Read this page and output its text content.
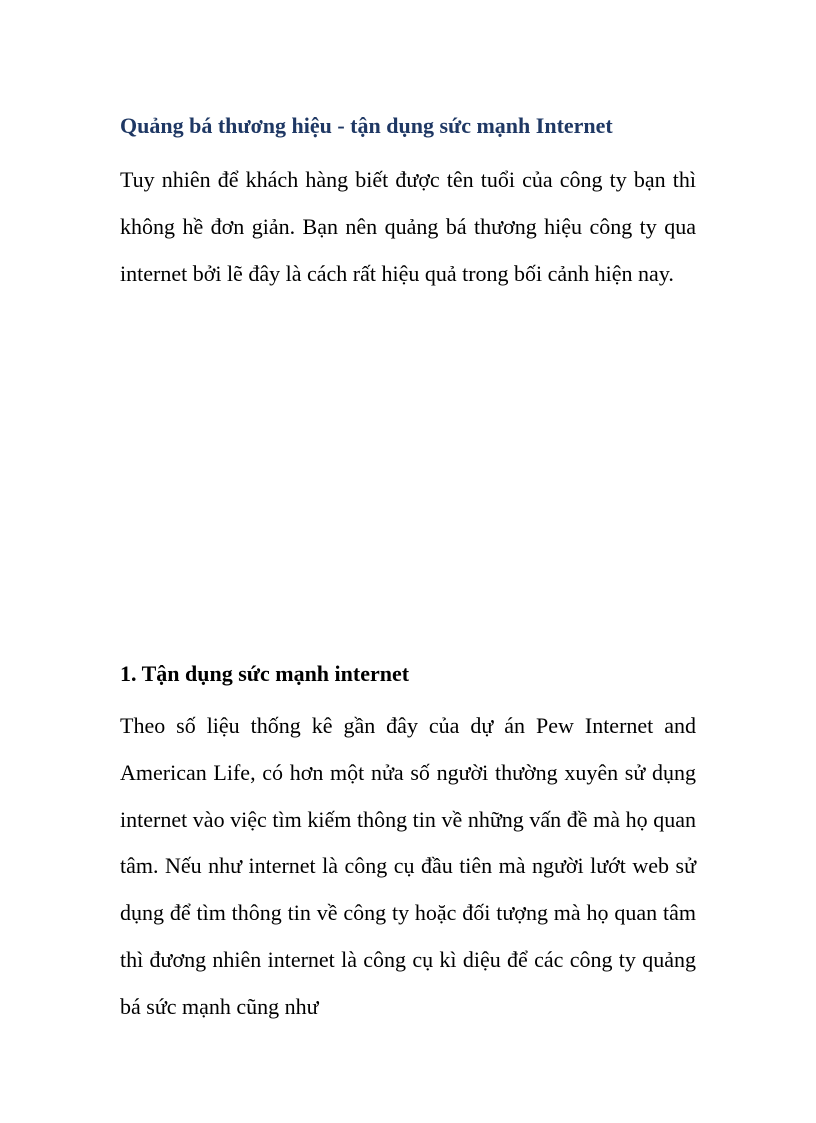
Quảng bá thương hiệu - tận dụng sức mạnh Internet

Tuy nhiên để khách hàng biết được tên tuổi của công ty bạn thì không hề đơn giản. Bạn nên quảng bá thương hiệu công ty qua internet bởi lẽ đây là cách rất hiệu quả trong bối cảnh hiện nay.

1. Tận dụng sức mạnh internet

Theo số liệu thống kê gần đây của dự án Pew Internet and American Life, có hơn một nửa số người thường xuyên sử dụng internet vào việc tìm kiếm thông tin về những vấn đề mà họ quan tâm. Nếu như internet là công cụ đầu tiên mà người lướt web sử dụng để tìm thông tin về công ty hoặc đối tượng mà họ quan tâm thì đương nhiên internet là công cụ kì diệu để các công ty quảng bá sức mạnh cũng như
